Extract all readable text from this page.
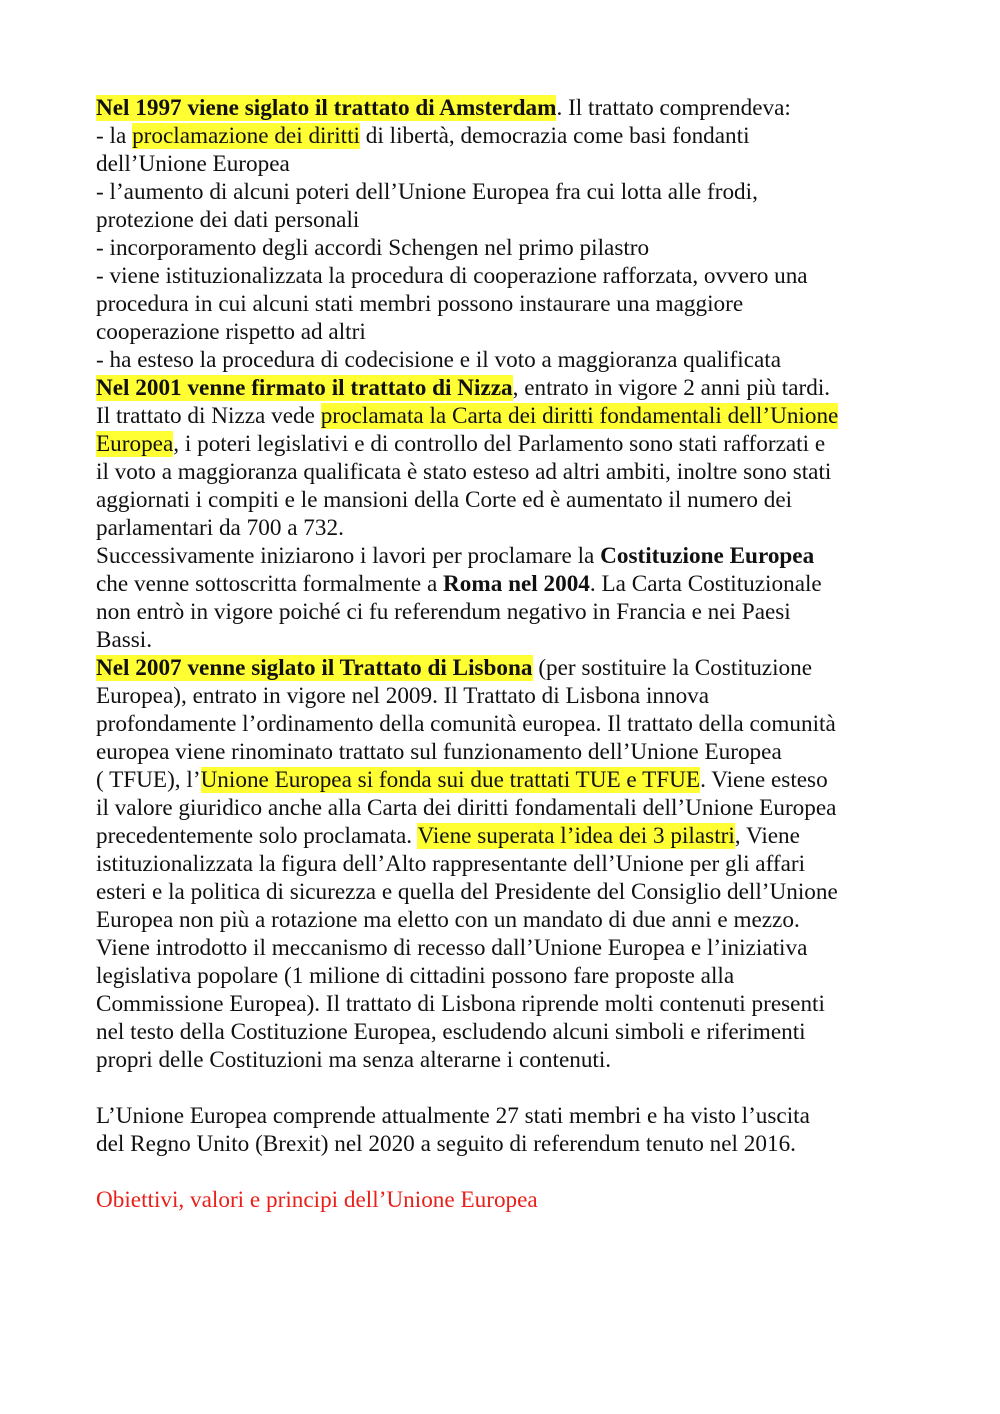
Nel 1997 viene siglato il trattato di Amsterdam. Il trattato comprendeva:
- la proclamazione dei diritti di libertà, democrazia come basi fondanti
dell’Unione Europea
- l’aumento di alcuni poteri dell’Unione Europea fra cui lotta alle frodi,
protezione dei dati personali
- incorporamento degli accordi Schengen nel primo pilastro
- viene istituzionalizzata la procedura di cooperazione rafforzata, ovvero una
procedura in cui alcuni stati membri possono instaurare una maggiore
cooperazione rispetto ad altri
- ha esteso la procedura di codecisione e il voto a maggioranza qualificata
Nel 2001 venne firmato il trattato di Nizza, entrato in vigore 2 anni più tardi.
Il trattato di Nizza vede proclamata la Carta dei diritti fondamentali dell’Unione
Europea, i poteri legislativi e di controllo del Parlamento sono stati rafforzati e
il voto a maggioranza qualificata è stato esteso ad altri ambiti, inoltre sono stati
aggiornati i compiti e le mansioni della Corte ed è aumentato il numero dei
parlamentari da 700 a 732.
Successivamente iniziarono i lavori per proclamare la Costituzione Europea
che venne sottoscritta formalmente a Roma nel 2004. La Carta Costituzionale
non entrò in vigore poiché ci fu referendum negativo in Francia e nei Paesi
Bassi.
Nel 2007 venne siglato il Trattato di Lisbona (per sostituire la Costituzione
Europea), entrato in vigore nel 2009. Il Trattato di Lisbona innova
profondamente l’ordinamento della comunità europea. Il trattato della comunità
europea viene rinominato trattato sul funzionamento dell’Unione Europea
( TFUE), l’Unione Europea si fonda sui due trattati TUE e TFUE. Viene esteso
il valore giuridico anche alla Carta dei diritti fondamentali dell’Unione Europea
precedentemente solo proclamata. Viene superata l’idea dei 3 pilastri, Viene
istituzionalizzata la figura dell’Alto rappresentante dell’Unione per gli affari
esteri e la politica di sicurezza e quella del Presidente del Consiglio dell’Unione
Europea non più a rotazione ma eletto con un mandato di due anni e mezzo.
Viene introdotto il meccanismo di recesso dall’Unione Europea e l’iniziativa
legislativa popolare (1 milione di cittadini possono fare proposte alla
Commissione Europea). Il trattato di Lisbona riprende molti contenuti presenti
nel testo della Costituzione Europea, escludendo alcuni simboli e riferimenti
propri delle Costituzioni ma senza alterarne i contenuti.
L’Unione Europea comprende attualmente 27 stati membri e ha visto l’uscita
del Regno Unito (Brexit) nel 2020 a seguito di referendum tenuto nel 2016.
Obiettivi, valori e principi dell’Unione Europea
